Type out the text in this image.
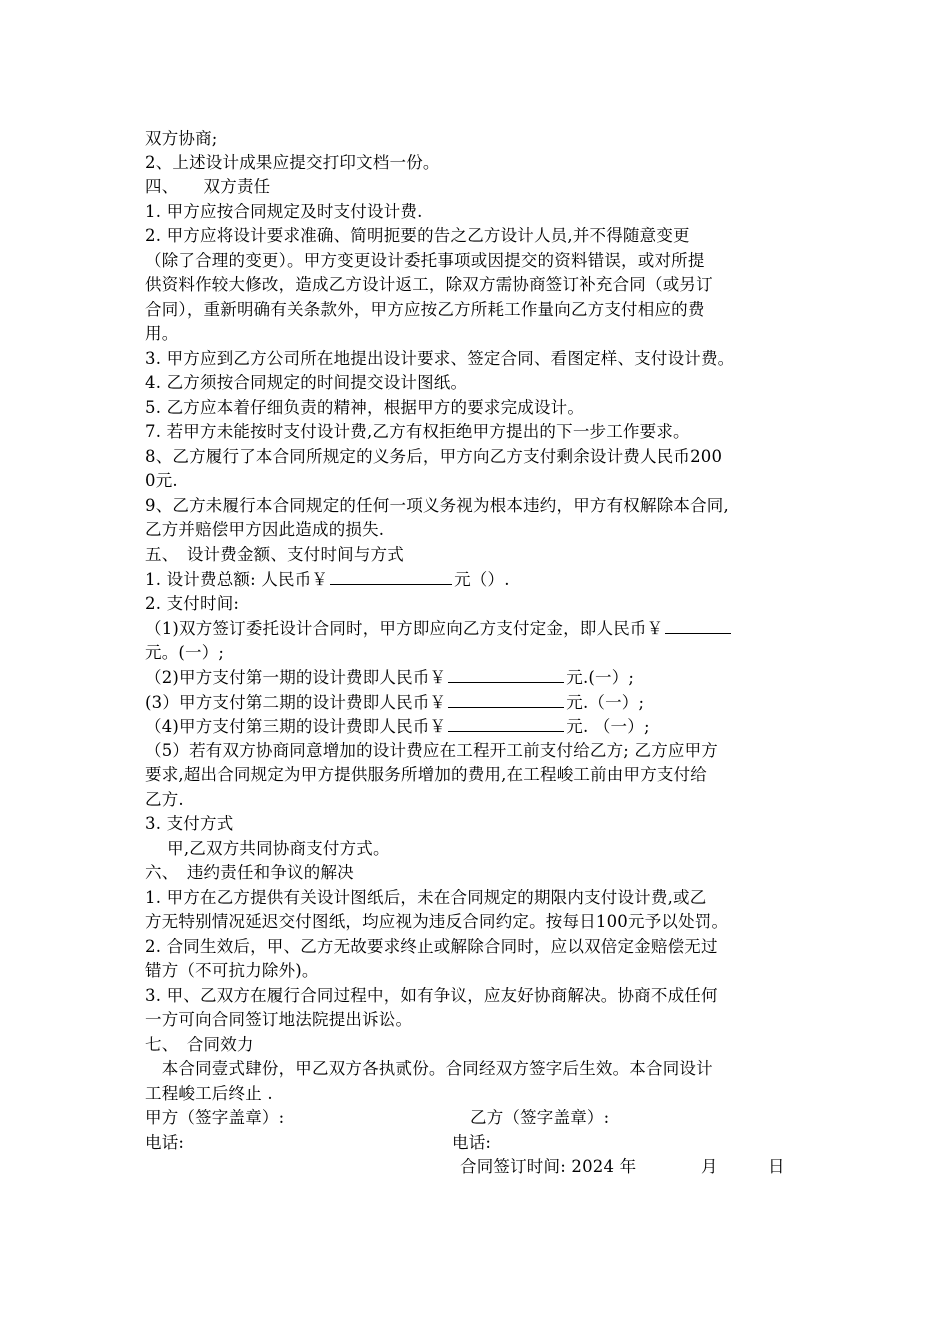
双方协商;
2、上述设计成果应提交打印文档一份。
四、　　双方责任
1. 甲方应按合同规定及时支付设计费.
2. 甲方应将设计要求准确、简明扼要的告之乙方设计人员,并不得随意变更
（除了合理的变更）。甲方变更设计委托事项或因提交的资料错误，或对所提
供资料作较大修改，造成乙方设计返工，除双方需协商签订补充合同（或另订
合同），重新明确有关条款外，甲方应按乙方所耗工作量向乙方支付相应的费
用。
3. 甲方应到乙方公司所在地提出设计要求、签定合同、看图定样、支付设计费。
4. 乙方须按合同规定的时间提交设计图纸。
5. 乙方应本着仔细负责的精神，根据甲方的要求完成设计。
7. 若甲方未能按时支付设计费,乙方有权拒绝甲方提出的下一步工作要求。
8、乙方履行了本合同所规定的义务后，甲方向乙方支付剩余设计费人民币200
0元.
9、乙方未履行本合同规定的任何一项义务视为根本违约，甲方有权解除本合同,
乙方并赔偿甲方因此造成的损失.
五、　设计费金额、支付时间与方式
1. 设计费总额: 人民币￥	元（）.
2. 支付时间:
（1)双方签订委托设计合同时，甲方即应向乙方支付定金，即人民币￥
元。(一）;
（2)甲方支付第一期的设计费即人民币￥	元.(一）;
(3）甲方支付第二期的设计费即人民币￥	元.（一）;
（4)甲方支付第三期的设计费即人民币￥	元. （一）;
（5）若有双方协商同意增加的设计费应在工程开工前支付给乙方; 乙方应甲方
要求,超出合同规定为甲方提供服务所增加的费用,在工程峻工前由甲方支付给
乙方.
3. 支付方式
　 甲,乙双方共同协商支付方式。
六、　违约责任和争议的解决
1. 甲方在乙方提供有关设计图纸后，未在合同规定的期限内支付设计费,或乙
方无特别情况延迟交付图纸，均应视为违反合同约定。按每日100元予以处罚。
2. 合同生效后，甲、乙方无故要求终止或解除合同时，应以双倍定金赔偿无过
错方（不可抗力除外)。
3. 甲、乙双方在履行合同过程中，如有争议，应友好协商解决。协商不成任何
一方可向合同签订地法院提出诉讼。
七、　合同效力
　本合同壹式肆份，甲乙双方各执贰份。合同经双方签字后生效。本合同设计
工程峻工后终止 .
甲方（签字盖章）:	乙方（签字盖章）:
电话:	电话:
合同签订时间: 2024 年	月	日
